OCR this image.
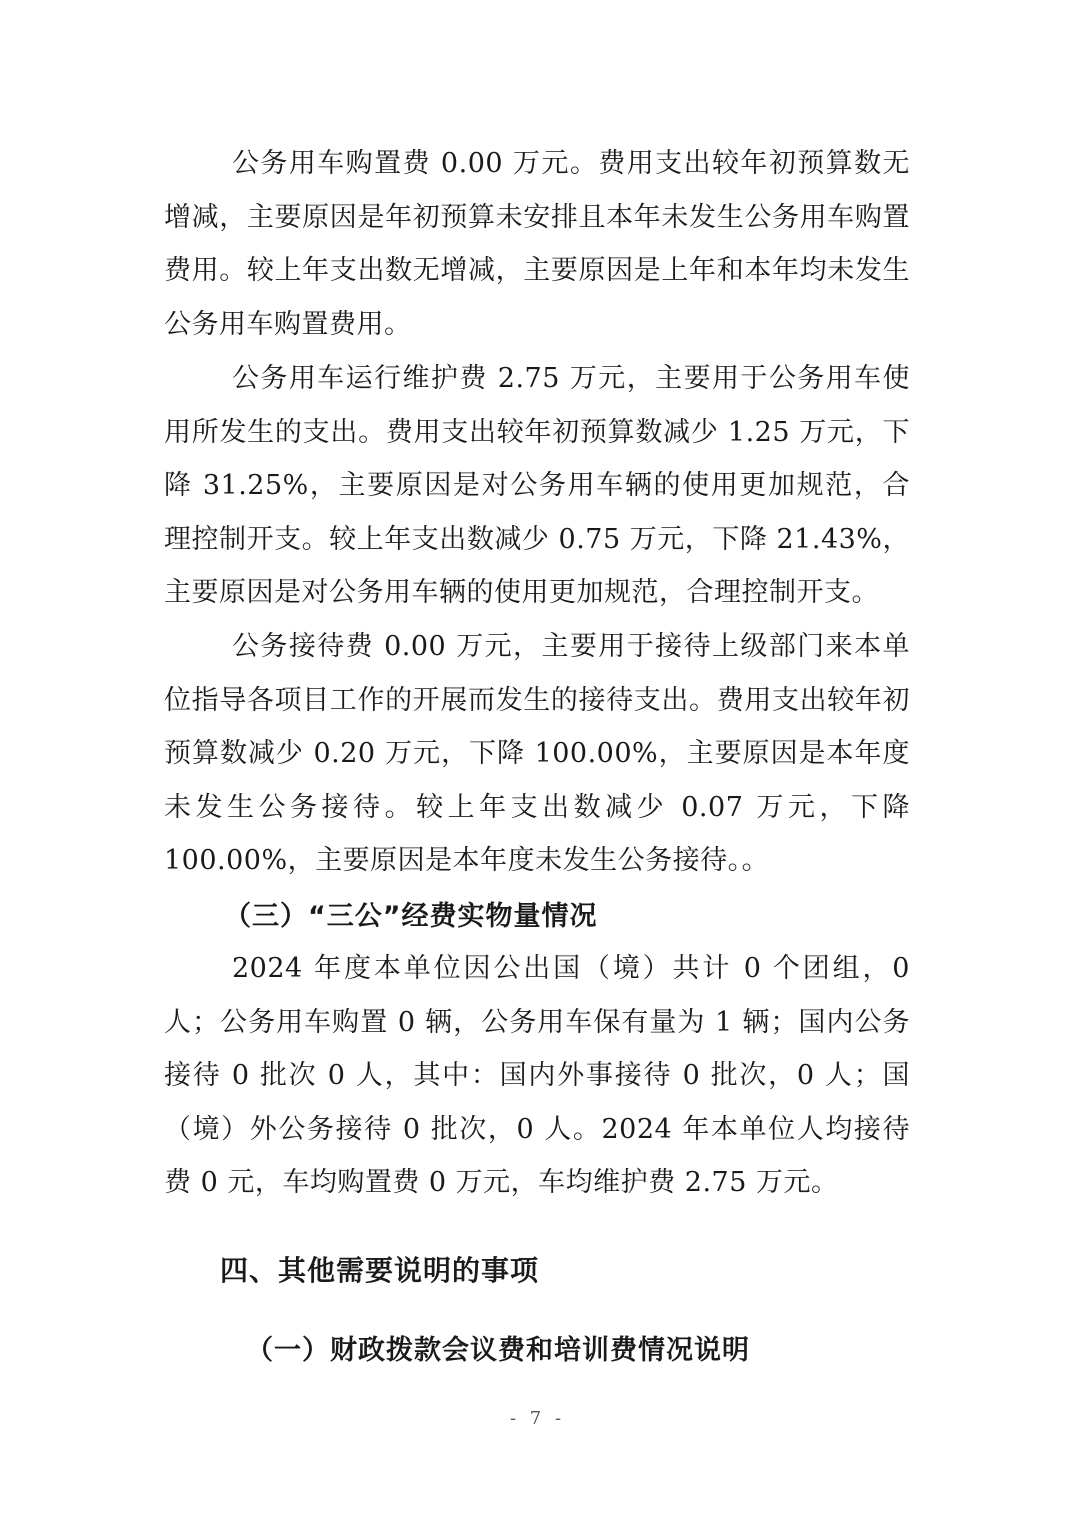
公务用车购置费 0.00 万元。费用支出较年初预算数无增减，主要原因是年初预算未安排且本年未发生公务用车购置费用。较上年支出数无增减，主要原因是上年和本年均未发生公务用车购置费用。

公务用车运行维护费 2.75 万元，主要用于公务用车使用所发生的支出。费用支出较年初预算数减少 1.25 万元，下降 31.25%，主要原因是对公务用车辆的使用更加规范，合理控制开支。较上年支出数减少 0.75 万元，下降 21.43%，主要原因是对公务用车辆的使用更加规范，合理控制开支。

公务接待费 0.00 万元，主要用于接待上级部门来本单位指导各项目工作的开展而发生的接待支出。费用支出较年初预算数减少 0.20 万元，下降 100.00%，主要原因是本年度未发生公务接待。较上年支出数减少 0.07 万元，下降 100.00%，主要原因是本年度未发生公务接待。。

（三）“三公”经费实物量情况

2024 年度本单位因公出国（境）共计 0 个团组，0 人；公务用车购置 0 辆，公务用车保有量为 1 辆；国内公务接待 0 批次 0 人，其中：国内外事接待 0 批次，0 人；国（境）外公务接待 0 批次，0 人。2024 年本单位人均接待费 0 元，车均购置费 0 万元，车均维护费 2.75 万元。

四、其他需要说明的事项
（一）财政拨款会议费和培训费情况说明
- 7 -
